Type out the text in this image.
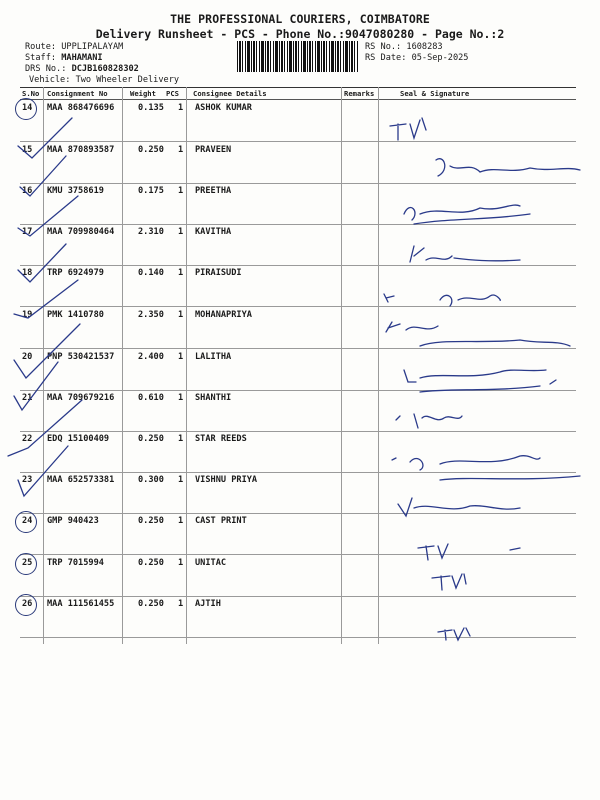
THE PROFESSIONAL COURIERS, COIMBATORE
Delivery Runsheet - PCS - Phone No.:9047080280 - Page No.:2
Route: UPPLIPALAYAM
Staff: MAHAMANI
DRS No.: DCJB160828302
Vehicle: Two Wheeler Delivery
RS No.: 1608283
RS Date: 05-Sep-2025
S.No Consignment No	Weight PCS Consignee Details	Remarks	Seal & Signature
14 MAA 868476696	0.135 1 ASHOK KUMAR
15 MAA 870893587	0.250 1 PRAVEEN
16 KMU 3758619	0.175 1 PREETHA
17 MAA 709980464	2.310 1 KAVITHA
18 TRP 6924979	0.140 1 PIRAISUDI
19 PMK 1410780	2.350 1 MOHANAPRIYA
20 PNP 530421537	2.400 1 LALITHA
21 MAA 709679216	0.610 1 SHANTHI
22 EDQ 15100409	0.250 1 STAR REEDS
23 MAA 652573381	0.300 1 VISHNU PRIYA
24 GMP 940423	0.250 1 CAST PRINT
25 TRP 7015994	0.250 1 UNITAC
26 MAA 111561455	0.250 1 AJTIH
